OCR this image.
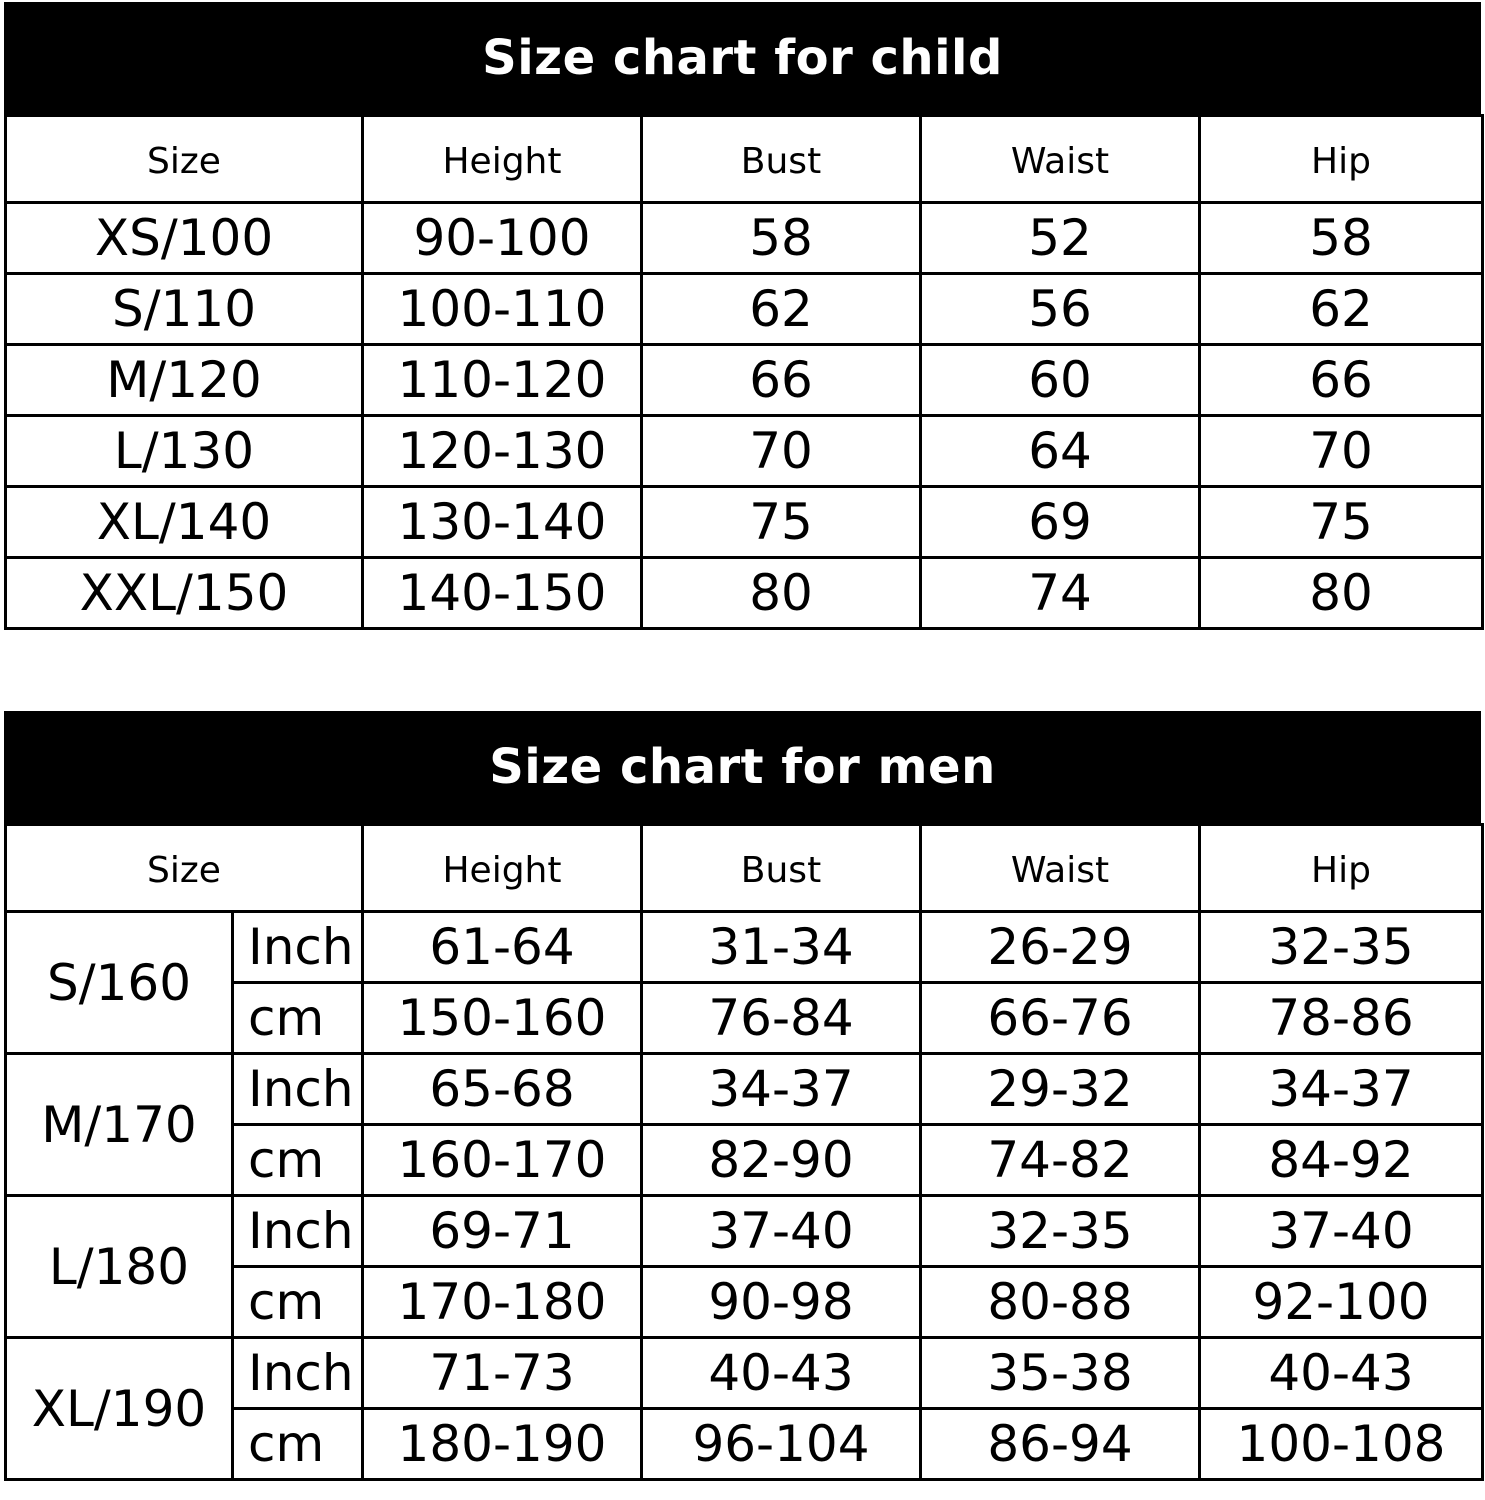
Size chart for child
Size	Height	Bust	Waist	Hip
XS/100	90-100	58	52	58
S/110	100-110	62	56	62
M/120	110-120	66	60	66
L/130	120-130	70	64	70
XL/140	130-140	75	69	75
XXL/150	140-150	80	74	80
Size chart for men
Size		Height	Bust	Waist	Hip
S/160	Inch	61-64	31-34	26-29	32-35
	cm	150-160	76-84	66-76	78-86
M/170	Inch	65-68	34-37	29-32	34-37
	cm	160-170	82-90	74-82	84-92
L/180	Inch	69-71	37-40	32-35	37-40
	cm	170-180	90-98	80-88	92-100
XL/190	Inch	71-73	40-43	35-38	40-43
	cm	180-190	96-104	86-94	100-108
